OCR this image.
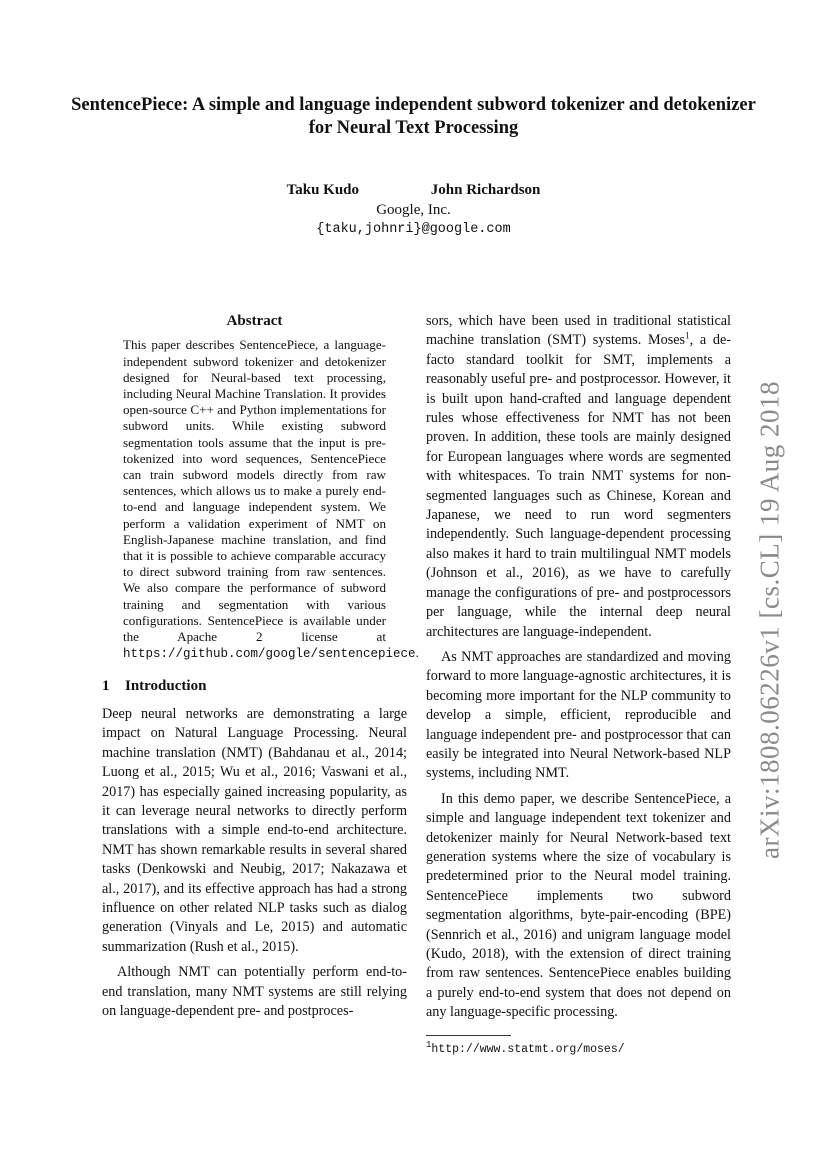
SentencePiece: A simple and language independent subword tokenizer and detokenizer for Neural Text Processing
Taku Kudo	John Richardson
Google, Inc.
{taku,johnri}@google.com
Abstract
This paper describes SentencePiece, a language-independent subword tokenizer and detokenizer designed for Neural-based text processing, including Neural Machine Translation. It provides open-source C++ and Python implementations for subword units. While existing subword segmentation tools assume that the input is pre-tokenized into word sequences, SentencePiece can train subword models directly from raw sentences, which allows us to make a purely end-to-end and language independent system. We perform a validation experiment of NMT on English-Japanese machine translation, and find that it is possible to achieve comparable accuracy to direct subword training from raw sentences. We also compare the performance of subword training and segmentation with various configurations. SentencePiece is available under the Apache 2 license at https://github.com/google/sentencepiece.
1 Introduction

Deep neural networks are demonstrating a large impact on Natural Language Processing. Neural machine translation (NMT) (Bahdanau et al., 2014; Luong et al., 2015; Wu et al., 2016; Vaswani et al., 2017) has especially gained increasing popularity, as it can leverage neural networks to directly perform translations with a simple end-to-end architecture. NMT has shown remarkable results in several shared tasks (Denkowski and Neubig, 2017; Nakazawa et al., 2017), and its effective approach has had a strong influence on other related NLP tasks such as dialog generation (Vinyals and Le, 2015) and automatic summarization (Rush et al., 2015).

Although NMT can potentially perform end-to-end translation, many NMT systems are still relying on language-dependent pre- and postproces-

sors, which have been used in traditional statistical machine translation (SMT) systems. Moses$^1$, a de-facto standard toolkit for SMT, implements a reasonably useful pre- and postprocessor. However, it is built upon hand-crafted and language dependent rules whose effectiveness for NMT has not been proven. In addition, these tools are mainly designed for European languages where words are segmented with whitespaces. To train NMT systems for non-segmented languages such as Chinese, Korean and Japanese, we need to run word segmenters independently. Such language-dependent processing also makes it hard to train multilingual NMT models (Johnson et al., 2016), as we have to carefully manage the configurations of pre- and postprocessors per language, while the internal deep neural architectures are language-independent.

As NMT approaches are standardized and moving forward to more language-agnostic architectures, it is becoming more important for the NLP community to develop a simple, efficient, reproducible and language independent pre- and postprocessor that can easily be integrated into Neural Network-based NLP systems, including NMT.

In this demo paper, we describe SentencePiece, a simple and language independent text tokenizer and detokenizer mainly for Neural Network-based text generation systems where the size of vocabulary is predetermined prior to the Neural model training. SentencePiece implements two subword segmentation algorithms, byte-pair-encoding (BPE) (Sennrich et al., 2016) and unigram language model (Kudo, 2018), with the extension of direct training from raw sentences. SentencePiece enables building a purely end-to-end system that does not depend on any language-specific processing.

$^1$http://www.statmt.org/moses/
arXiv:1808.06226v1 [cs.CL] 19 Aug 2018
